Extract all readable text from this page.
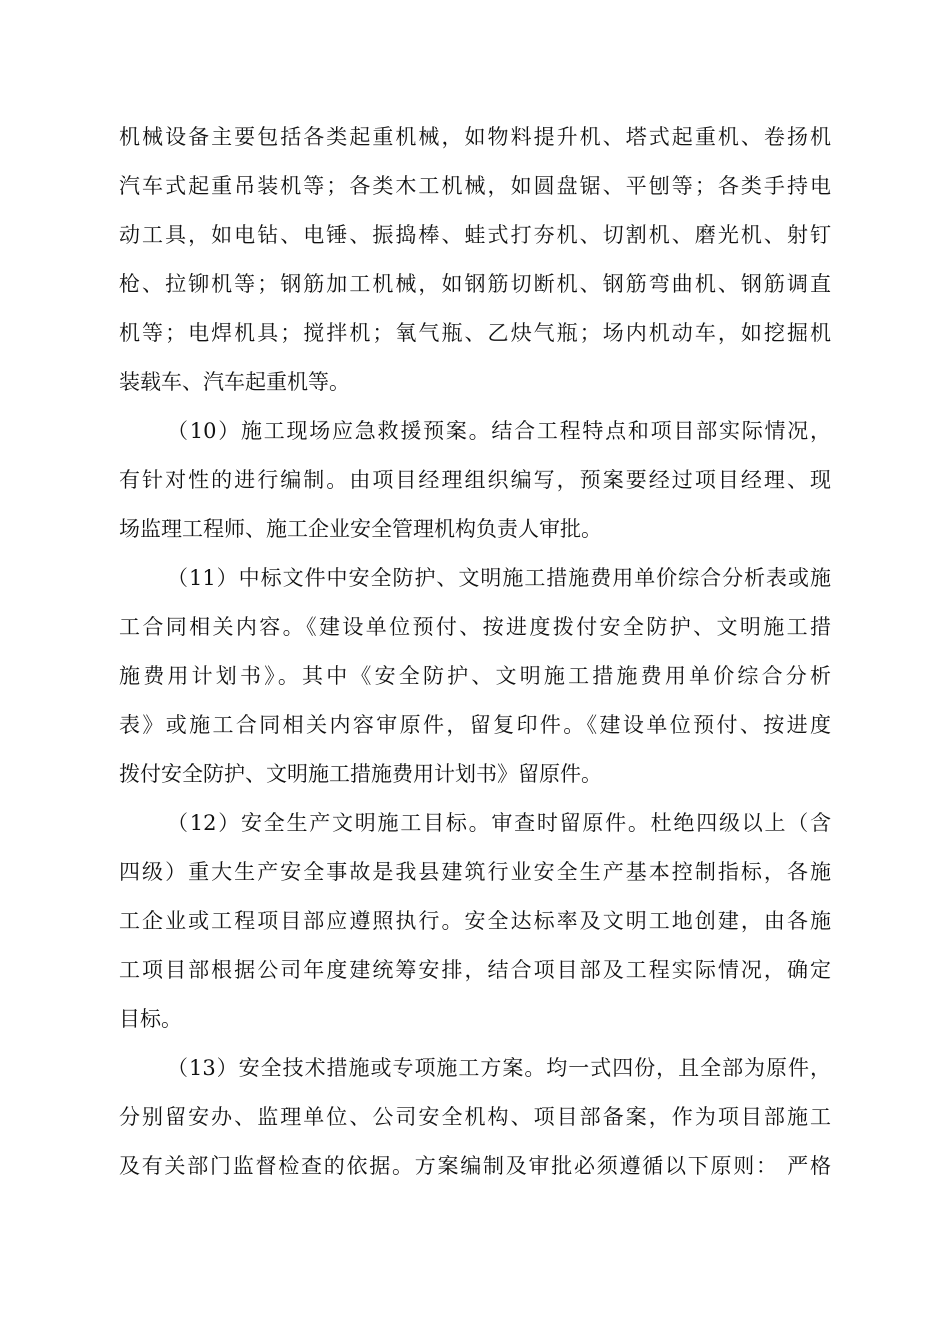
机械设备主要包括各类起重机械，如物料提升机、塔式起重机、卷扬机
汽车式起重吊装机等；各类木工机械，如圆盘锯、平刨等；各类手持电
动工具，如电钻、电锤、振捣棒、蛙式打夯机、切割机、磨光机、射钉
枪、拉铆机等；钢筋加工机械，如钢筋切断机、钢筋弯曲机、钢筋调直
机等；电焊机具；搅拌机；氧气瓶、乙炔气瓶；场内机动车，如挖掘机
装载车、汽车起重机等。
（10）施工现场应急救援预案。结合工程特点和项目部实际情况，
有针对性的进行编制。由项目经理组织编写，预案要经过项目经理、现
场监理工程师、施工企业安全管理机构负责人审批。
（11）中标文件中安全防护、文明施工措施费用单价综合分析表或施
工合同相关内容。《建设单位预付、按进度拨付安全防护、文明施工措
施费用计划书》。其中《安全防护、文明施工措施费用单价综合分析
表》或施工合同相关内容审原件，留复印件。《建设单位预付、按进度
拨付安全防护、文明施工措施费用计划书》留原件。
（12）安全生产文明施工目标。审查时留原件。杜绝四级以上（含
四级）重大生产安全事故是我县建筑行业安全生产基本控制指标，各施
工企业或工程项目部应遵照执行。安全达标率及文明工地创建，由各施
工项目部根据公司年度建统筹安排，结合项目部及工程实际情况，确定
目标。
（13）安全技术措施或专项施工方案。均一式四份，且全部为原件，
分别留安办、监理单位、公司安全机构、项目部备案，作为项目部施工
及有关部门监督检查的依据。方案编制及审批必须遵循以下原则： 严格
